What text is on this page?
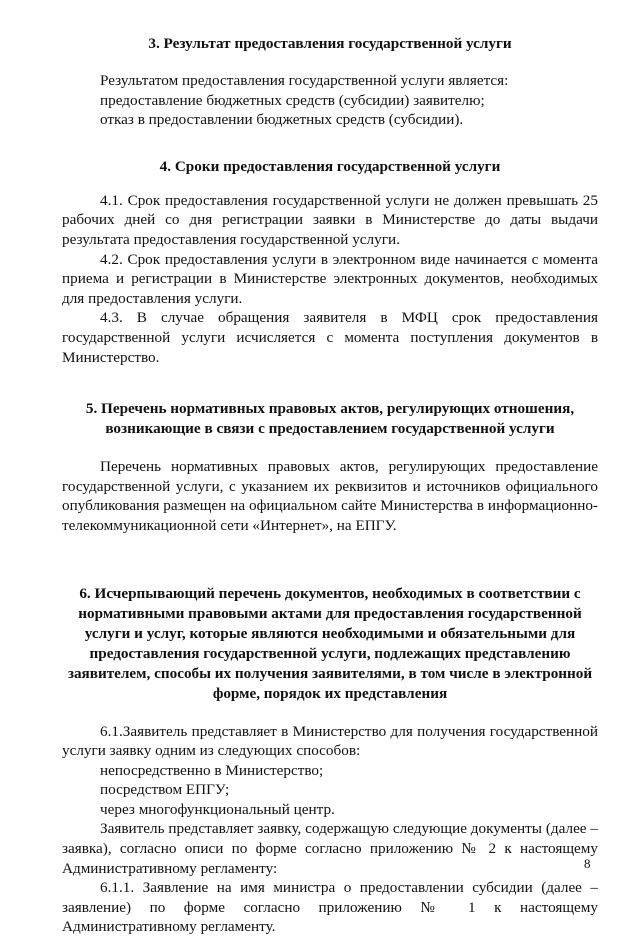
3. Результат предоставления государственной услуги

Результатом предоставления государственной услуги является:

предоставление бюджетных средств (субсидии) заявителю;

отказ в предоставлении бюджетных средств (субсидии).

4. Сроки предоставления государственной услуги

4.1. Срок предоставления государственной услуги не должен превышать 25 рабочих дней со дня регистрации заявки в Министерстве до даты выдачи результата предоставления государственной услуги.

4.2. Срок предоставления услуги в электронном виде начинается с момента приема и регистрации в Министерстве электронных документов, необходимых для предоставления услуги.

4.3. В случае обращения заявителя в МФЦ срок предоставления государственной услуги исчисляется с момента поступления документов в Министерство.

5. Перечень нормативных правовых актов, регулирующих отношения, возникающие в связи с предоставлением государственной услуги

Перечень нормативных правовых актов, регулирующих предоставление государственной услуги, с указанием их реквизитов и источников официального опубликования размещен на официальном сайте Министерства в информационно-телекоммуникационной сети «Интернет», на ЕПГУ.

6. Исчерпывающий перечень документов, необходимых в соответствии с нормативными правовыми актами для предоставления государственной услуги и услуг, которые являются необходимыми и обязательными для предоставления государственной услуги, подлежащих представлению заявителем, способы их получения заявителями, в том числе в электронной форме, порядок их представления

6.1.Заявитель представляет в Министерство для получения государственной услуги заявку одним из следующих способов:

непосредственно в Министерство;

посредством ЕПГУ;

через многофункциональный центр.

Заявитель представляет заявку, содержащую следующие документы (далее – заявка), согласно описи по форме согласно приложению № 2 к настоящему Административному регламенту:

6.1.1. Заявление на имя министра о предоставлении субсидии (далее – заявление) по форме согласно приложению № 1 к настоящему Административному регламенту.

8
